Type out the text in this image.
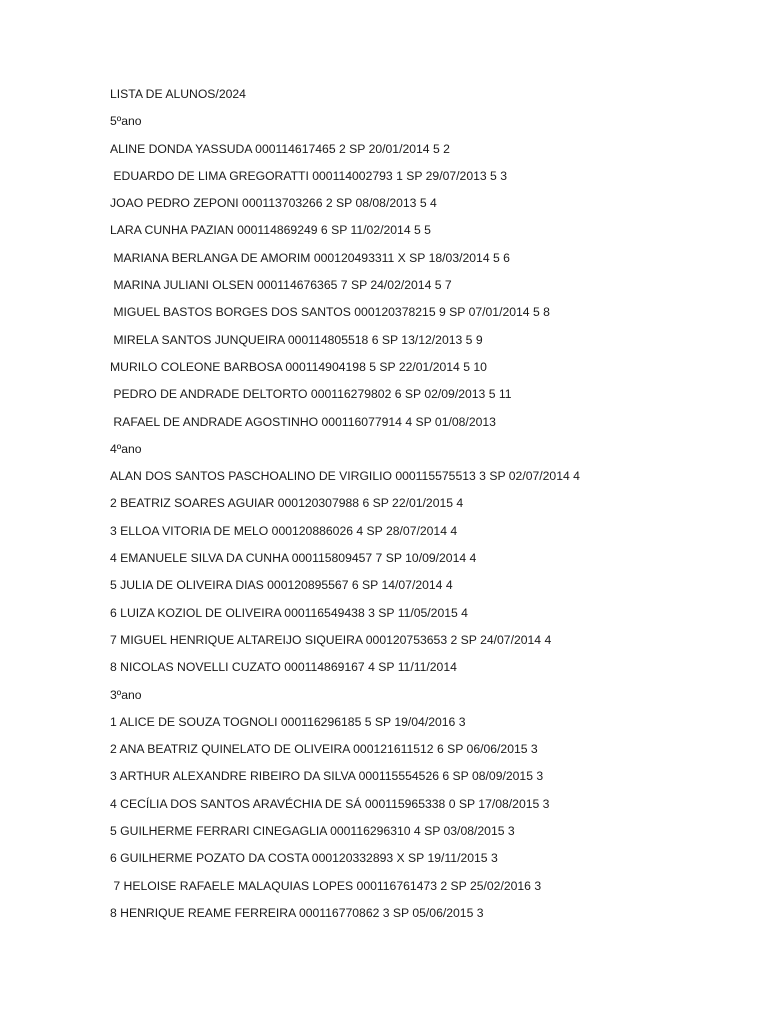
LISTA DE ALUNOS/2024
5ºano
ALINE DONDA YASSUDA 000114617465 2 SP 20/01/2014 5 2
EDUARDO DE LIMA GREGORATTI 000114002793 1 SP 29/07/2013 5 3
JOAO PEDRO ZEPONI 000113703266 2 SP 08/08/2013 5 4
LARA CUNHA PAZIAN 000114869249 6 SP 11/02/2014 5 5
MARIANA BERLANGA DE AMORIM 000120493311 X SP 18/03/2014 5 6
MARINA JULIANI OLSEN 000114676365 7 SP 24/02/2014 5 7
MIGUEL BASTOS BORGES DOS SANTOS 000120378215 9 SP 07/01/2014 5 8
MIRELA SANTOS JUNQUEIRA 000114805518 6 SP 13/12/2013 5 9
MURILO COLEONE BARBOSA 000114904198 5 SP 22/01/2014 5 10
PEDRO DE ANDRADE DELTORTO 000116279802 6 SP 02/09/2013 5 11
RAFAEL DE ANDRADE AGOSTINHO 000116077914 4 SP 01/08/2013
4ºano
ALAN DOS SANTOS PASCHOALINO DE VIRGILIO 000115575513 3 SP 02/07/2014 4
2 BEATRIZ SOARES AGUIAR 000120307988 6 SP 22/01/2015 4
3 ELLOA VITORIA DE MELO 000120886026 4 SP 28/07/2014 4
4 EMANUELE SILVA DA CUNHA 000115809457 7 SP 10/09/2014 4
5 JULIA DE OLIVEIRA DIAS 000120895567 6 SP 14/07/2014 4
6 LUIZA KOZIOL DE OLIVEIRA 000116549438 3 SP 11/05/2015 4
7 MIGUEL HENRIQUE ALTAREIJO SIQUEIRA 000120753653 2 SP 24/07/2014 4
8 NICOLAS NOVELLI CUZATO 000114869167 4 SP 11/11/2014
3ºano
1 ALICE DE SOUZA TOGNOLI 000116296185 5 SP 19/04/2016 3
2 ANA BEATRIZ QUINELATO DE OLIVEIRA 000121611512 6 SP 06/06/2015 3
3 ARTHUR ALEXANDRE RIBEIRO DA SILVA 000115554526 6 SP 08/09/2015 3
4 CECÍLIA DOS SANTOS ARAVÉCHIA DE SÁ 000115965338 0 SP 17/08/2015 3
5 GUILHERME FERRARI CINEGAGLIA 000116296310 4 SP 03/08/2015 3
6 GUILHERME POZATO DA COSTA 000120332893 X SP 19/11/2015 3
7 HELOISE RAFAELE MALAQUIAS LOPES 000116761473 2 SP 25/02/2016 3
8 HENRIQUE REAME FERREIRA 000116770862 3 SP 05/06/2015 3
